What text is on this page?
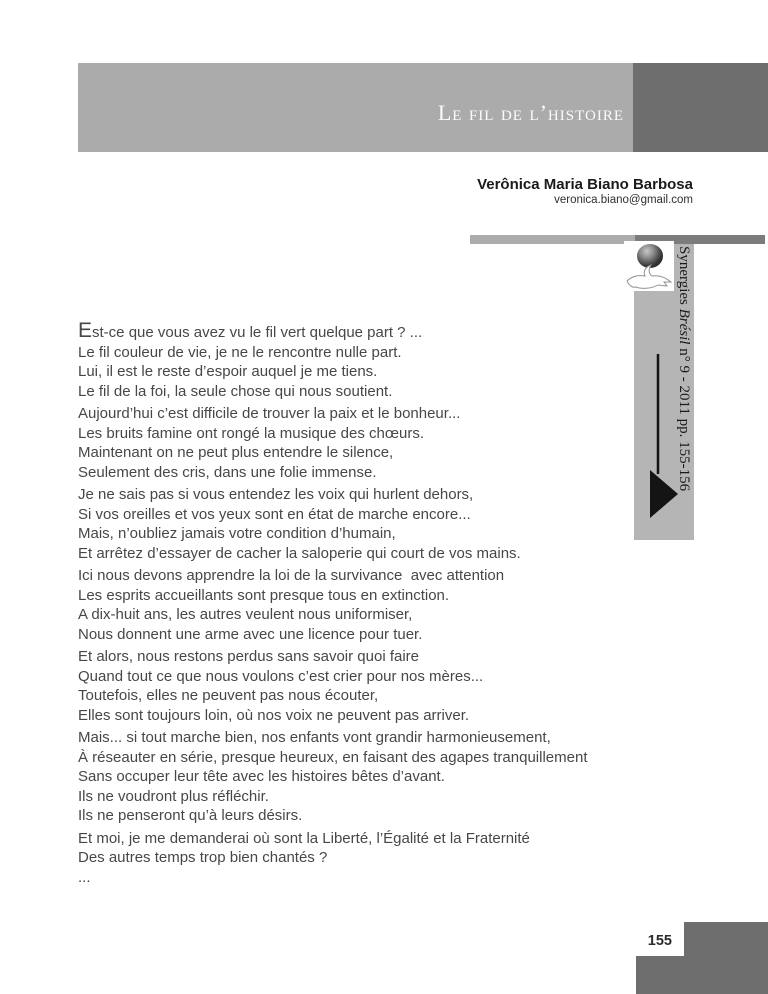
Le fil de l’histoire
Verônica Maria Biano Barbosa
veronica.biano@gmail.com
Synergies Brésil n° 9 - 2011 pp. 155-156
Est-ce que vous avez vu le fil vert quelque part ? ...
Le fil couleur de vie, je ne le rencontre nulle part.
Lui, il est le reste d’espoir auquel je me tiens.
Le fil de la foi, la seule chose qui nous soutient.
Aujourd’hui c’est difficile de trouver la paix et le bonheur...
Les bruits famine ont rongé la musique des chœurs.
Maintenant on ne peut plus entendre le silence,
Seulement des cris, dans une folie immense.
Je ne sais pas si vous entendez les voix qui hurlent dehors,
Si vos oreilles et vos yeux sont en état de marche encore...
Mais, n’oubliez jamais votre condition d’humain,
Et arrêtez d’essayer de cacher la saloperie qui court de vos mains.
Ici nous devons apprendre la loi de la survivance  avec attention
Les esprits accueillants sont presque tous en extinction.
A dix-huit ans, les autres veulent nous uniformiser,
Nous donnent une arme avec une licence pour tuer.
Et alors, nous restons perdus sans savoir quoi faire
Quand tout ce que nous voulons c’est crier pour nos mères...
Toutefois, elles ne peuvent pas nous écouter,
Elles sont toujours loin, où nos voix ne peuvent pas arriver.
Mais... si tout marche bien, nos enfants vont grandir harmonieusement,
À réseauter en série, presque heureux, en faisant des agapes tranquillement
Sans occuper leur tête avec les histoires bêtes d’avant.
Ils ne voudront plus réfléchir.
Ils ne penseront qu’à leurs désirs.
Et moi, je me demanderai où sont la Liberté, l’Égalité et la Fraternité
Des autres temps trop bien chantés ?
...
155
